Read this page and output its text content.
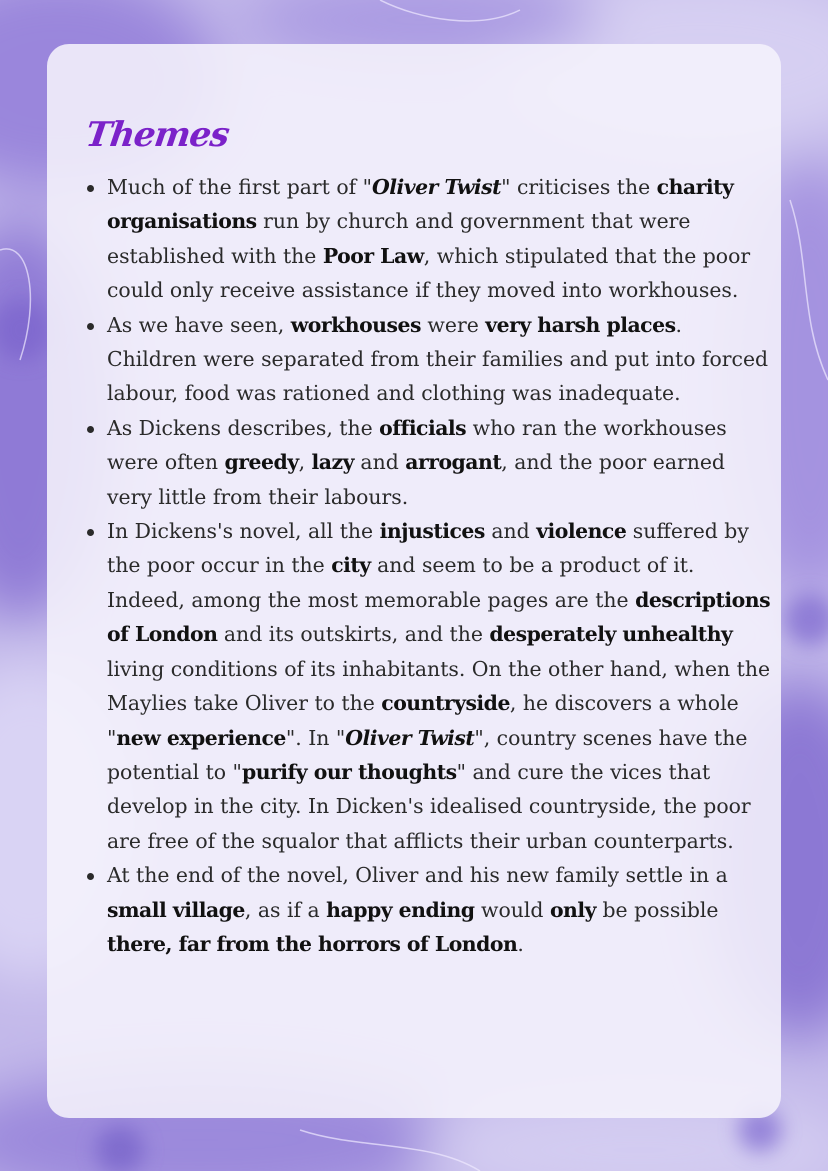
Themes
Much of the first part of "Oliver Twist" criticises the charity organisations run by church and government that were established with the Poor Law, which stipulated that the poor could only receive assistance if they moved into workhouses.
As we have seen, workhouses were very harsh places. Children were separated from their families and put into forced labour, food was rationed and clothing was inadequate.
As Dickens describes, the officials who ran the workhouses were often greedy, lazy and arrogant, and the poor earned very little from their labours.
In Dickens's novel, all the injustices and violence suffered by the poor occur in the city and seem to be a product of it. Indeed, among the most memorable pages are the descriptions of London and its outskirts, and the desperately unhealthy living conditions of its inhabitants. On the other hand, when the Maylies take Oliver to the countryside, he discovers a whole "new experience". In "Oliver Twist", country scenes have the potential to "purify our thoughts" and cure the vices that develop in the city. In Dicken's idealised countryside, the poor are free of the squalor that afflicts their urban counterparts.
At the end of the novel, Oliver and his new family settle in a small village, as if a happy ending would only be possible there, far from the horrors of London.
